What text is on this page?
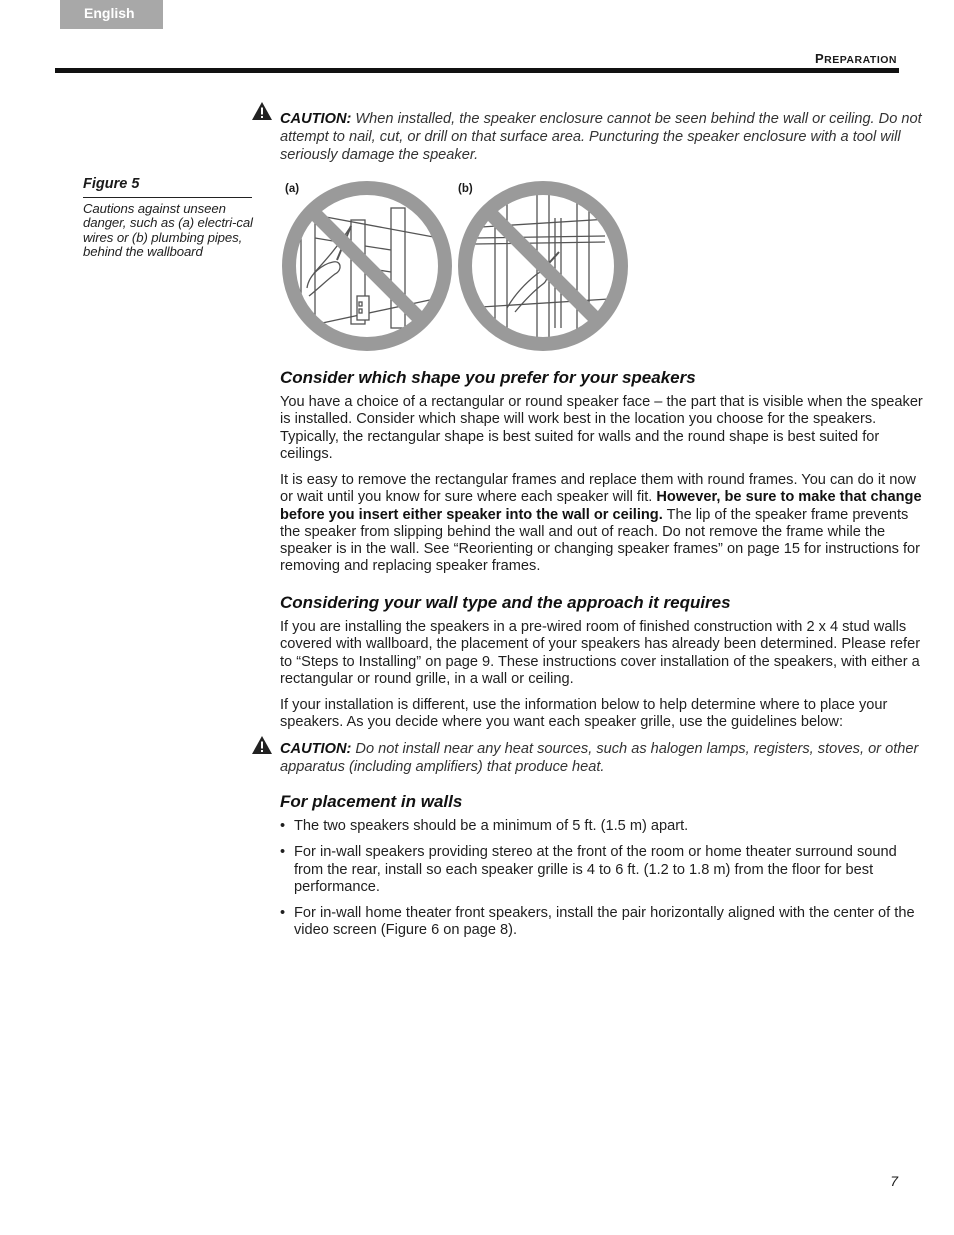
English
PREPARATION
CAUTION: When installed, the speaker enclosure cannot be seen behind the wall or ceiling. Do not attempt to nail, cut, or drill on that surface area. Puncturing the speaker enclosure with a tool will seriously damage the speaker.
Figure 5
Cautions against unseen danger, such as (a) electri-cal wires or (b) plumbing pipes, behind the wallboard
(a)	(b)
Consider which shape you prefer for your speakers
You have a choice of a rectangular or round speaker face – the part that is visible when the speaker is installed. Consider which shape will work best in the location you choose for the speakers. Typically, the rectangular shape is best suited for walls and the round shape is best suited for ceilings.
It is easy to remove the rectangular frames and replace them with round frames. You can do it now or wait until you know for sure where each speaker will fit. However, be sure to make that change before you insert either speaker into the wall or ceiling. The lip of the speaker frame prevents the speaker from slipping behind the wall and out of reach. Do not remove the frame while the speaker is in the wall. See “Reorienting or changing speaker frames” on page 15 for instructions for removing and replacing speaker frames.
Considering your wall type and the approach it requires
If you are installing the speakers in a pre-wired room of finished construction with 2 x 4 stud walls covered with wallboard, the placement of your speakers has already been determined. Please refer to “Steps to Installing” on page 9. These instructions cover installation of the speakers, with either a rectangular or round grille, in a wall or ceiling.
If your installation is different, use the information below to help determine where to place your speakers. As you decide where you want each speaker grille, use the guidelines below:
CAUTION: Do not install near any heat sources, such as halogen lamps, registers, stoves, or other apparatus (including amplifiers) that produce heat.
For placement in walls
• The two speakers should be a minimum of 5 ft. (1.5 m) apart.
• For in-wall speakers providing stereo at the front of the room or home theater surround sound from the rear, install so each speaker grille is 4 to 6 ft. (1.2 to 1.8 m) from the floor for best performance.
• For in-wall home theater front speakers, install the pair horizontally aligned with the center of the video screen (Figure 6 on page 8).
7
